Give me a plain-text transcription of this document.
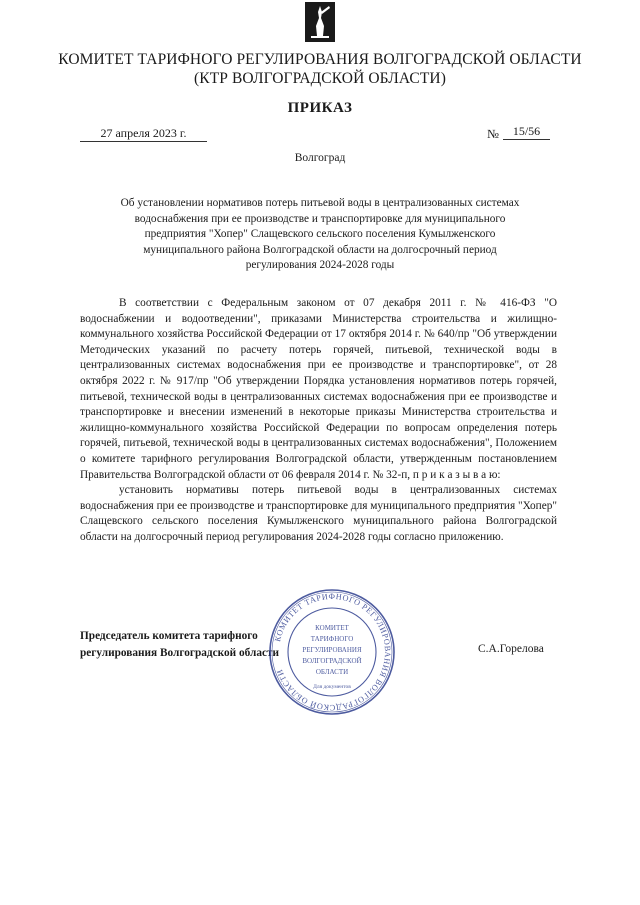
КОМИТЕТ ТАРИФНОГО РЕГУЛИРОВАНИЯ ВОЛГОГРАДСКОЙ ОБЛАСТИ
(КТР ВОЛГОГРАДСКОЙ ОБЛАСТИ)
ПРИКАЗ
27 апреля 2023 г.	№	15/56
Волгоград
Об установлении нормативов потерь питьевой воды в централизованных системах
водоснабжения при ее производстве и транспортировке для муниципального
предприятия "Хопер" Слащевского сельского поселения Кумылженского
муниципального района Волгоградской области на долгосрочный период
регулирования 2024-2028 годы

В соответствии с Федеральным законом от 07 декабря 2011 г. № 416-ФЗ "О водоснабжении и водоотведении", приказами Министерства строительства и жилищно-коммунального хозяйства Российской Федерации от 17 октября 2014 г. № 640/пр "Об утверждении Методических указаний по расчету потерь горячей, питьевой, технической воды в централизованных системах водоснабжения при ее производстве и транспортировке", от 28 октября 2022 г. № 917/пр "Об утверждении Порядка установления нормативов потерь горячей, питьевой, технической воды в централизованных системах водоснабжения при ее производстве и транспортировке и внесении изменений в некоторые приказы Министерства строительства и жилищно-коммунального хозяйства Российской Федерации по вопросам определения потерь горячей, питьевой, технической воды в централизованных системах водоснабжения", Положением о комитете тарифного регулирования Волгоградской области, утвержденным постановлением Правительства Волгоградской области от 06 февраля 2014 г. № 32-п, п р и к а з ы в а ю:

установить нормативы потерь питьевой воды в централизованных системах водоснабжения при ее производстве и транспортировке для муниципального предприятия "Хопер" Слащевского сельского поселения Кумылженского муниципального района Волгоградской области на долгосрочный период регулирования 2024-2028 годы согласно приложению.

Председатель комитета тарифного
регулирования Волгоградской области	С.А.Горелова
КОМИТЕТ ТАРИФНОГО РЕГУЛИРОВАНИЯ ВОЛГОГРАДСКОЙ ОБЛАСТИ
КОМИТЕТ
ТАРИФНОГО
РЕГУЛИРОВАНИЯ
ВОЛГОГРАДСКОЙ
ОБЛАСТИ
Для документов
